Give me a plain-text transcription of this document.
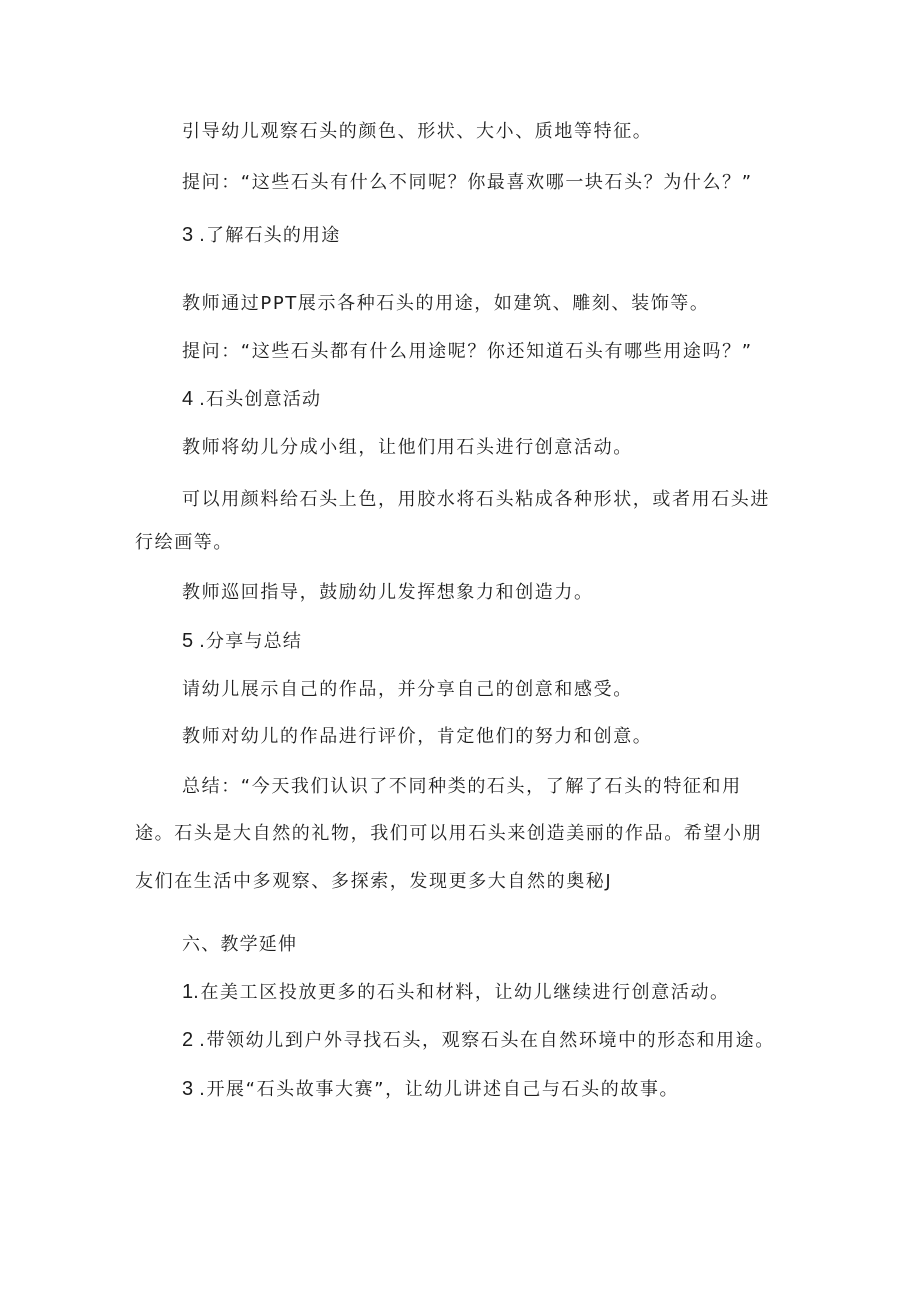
引导幼儿观察石头的颜色、形状、大小、质地等特征。
提问：“这些石头有什么不同呢？你最喜欢哪一块石头？为什么？”
3 .了解石头的用途
教师通过PPT展示各种石头的用途，如建筑、雕刻、装饰等。
提问：“这些石头都有什么用途呢？你还知道石头有哪些用途吗？”
4 .石头创意活动
教师将幼儿分成小组，让他们用石头进行创意活动。
可以用颜料给石头上色，用胶水将石头粘成各种形状，或者用石头进
行绘画等。
教师巡回指导，鼓励幼儿发挥想象力和创造力。
5 .分享与总结
请幼儿展示自己的作品，并分享自己的创意和感受。
教师对幼儿的作品进行评价，肯定他们的努力和创意。
总结：“今天我们认识了不同种类的石头，了解了石头的特征和用
途。石头是大自然的礼物，我们可以用石头来创造美丽的作品。希望小朋
友们在生活中多观察、多探索，发现更多大自然的奥秘J
六、教学延伸
1.在美工区投放更多的石头和材料，让幼儿继续进行创意活动。
2 .带领幼儿到户外寻找石头，观察石头在自然环境中的形态和用途。
3 .开展“石头故事大赛”，让幼儿讲述自己与石头的故事。
